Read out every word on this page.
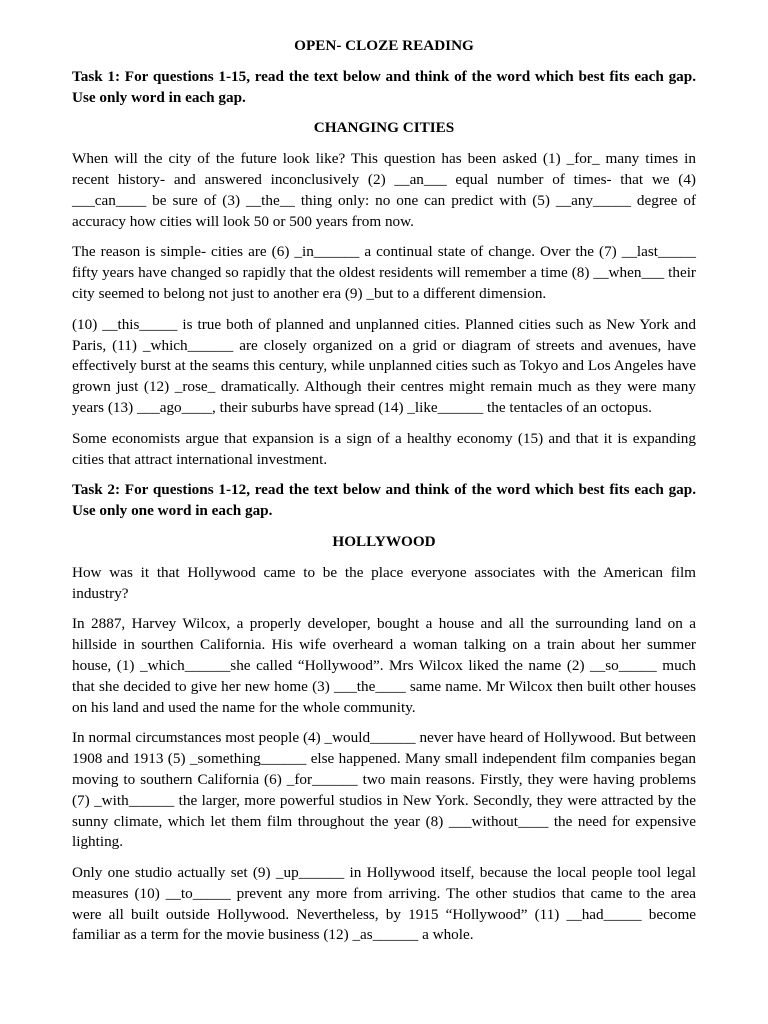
OPEN- CLOZE READING

Task 1: For questions 1-15, read the text below and think of the word which best fits each gap. Use only word in each gap.

CHANGING CITIES

When will the city of the future look like? This question has been asked (1) _for_ many times in recent history- and answered inconclusively (2) __an___ equal number of times- that we (4) ___can____ be sure of (3) __the__ thing only: no one can predict with (5) __any_____ degree of accuracy how cities will look 50 or 500 years from now.

The reason is simple- cities are (6) _in______ a continual state of change. Over the (7) __last_____ fifty years have changed so rapidly that the oldest residents will remember a time (8) __when___ their city seemed to belong not just to another era (9) _but to a different dimension.

(10) __this_____ is true both of planned and unplanned cities. Planned cities such as New York and Paris, (11) _which______ are closely organized on a grid or diagram of streets and avenues, have effectively burst at the seams this century, while unplanned cities such as Tokyo and Los Angeles have grown just (12) _rose_ dramatically. Although their centres might remain much as they were many years (13) ___ago____, their suburbs have spread (14) _like______ the tentacles of an octopus.

Some economists argue that expansion is a sign of a healthy economy (15) and that it is expanding cities that attract international investment.

Task 2: For questions 1-12, read the text below and think of the word which best fits each gap. Use only one word in each gap.

HOLLYWOOD

How was it that Hollywood came to be the place everyone associates with the American film industry?

In 2887, Harvey Wilcox, a properly developer, bought a house and all the surrounding land on a hillside in sourthen California. His wife overheard a woman talking on a train about her summer house, (1) _which______she called “Hollywood”. Mrs Wilcox liked the name (2) __so_____ much that she decided to give her new home (3) ___the____ same name. Mr Wilcox then built other houses on his land and used the name for the whole community.

In normal circumstances most people (4) _would______ never have heard of Hollywood. But between 1908 and 1913 (5) _something______ else happened. Many small independent film companies began moving to southern California (6) _for______ two main reasons. Firstly, they were having problems (7) _with______ the larger, more powerful studios in New York. Secondly, they were attracted by the sunny climate, which let them film throughout the year (8) ___without____ the need for expensive lighting.

Only one studio actually set (9) _up______ in Hollywood itself, because the local people tool legal measures (10) __to_____ prevent any more from arriving. The other studios that came to the area were all built outside Hollywood. Nevertheless, by 1915 “Hollywood” (11) __had_____ become familiar as a term for the movie business (12) _as______ a whole.
